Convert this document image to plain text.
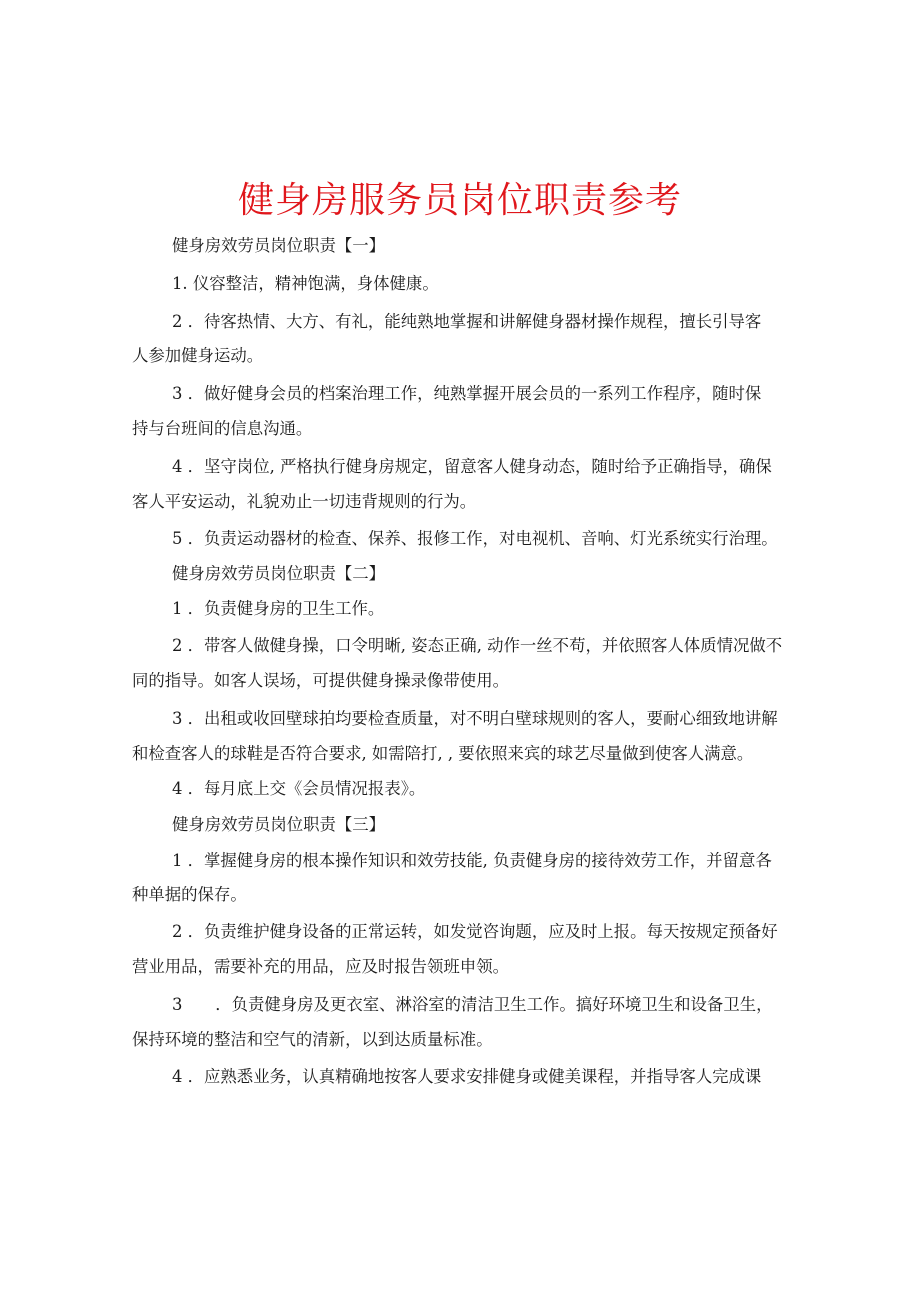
健身房服务员岗位职责参考
健身房效劳员岗位职责【一】
1. 仪容整洁，精神饱满，身体健康。
2 ．待客热情、大方、有礼，能纯熟地掌握和讲解健身器材操作规程，擅长引导客
人参加健身运动。
3 ．做好健身会员的档案治理工作，纯熟掌握开展会员的一系列工作程序，随时保
持与台班间的信息沟通。
4 ．坚守岗位, 严格执行健身房规定，留意客人健身动态，随时给予正确指导，确保
客人平安运动，礼貌劝止一切违背规则的行为。
5 ．负责运动器材的检查、保养、报修工作，对电视机、音响、灯光系统实行治理。
健身房效劳员岗位职责【二】
1 ．负责健身房的卫生工作。
2 ．带客人做健身操，口令明晰, 姿态正确, 动作一丝不苟，并依照客人体质情况做不
同的指导。如客人误场，可提供健身操录像带使用。
3 ．出租或收回壁球拍均要检查质量，对不明白壁球规则的客人，要耐心细致地讲解
和检查客人的球鞋是否符合要求, 如需陪打, , 要依照来宾的球艺尽量做到使客人满意。
4 ．每月底上交《会员情况报表》。
健身房效劳员岗位职责【三】
1 ．掌握健身房的根本操作知识和效劳技能, 负责健身房的接待效劳工作，并留意各
种单据的保存。
2 ．负责维护健身设备的正常运转，如发觉咨询题，应及时上报。每天按规定预备好
营业用品，需要补充的用品，应及时报告领班申领。
3　　．负责健身房及更衣室、淋浴室的清洁卫生工作。搞好环境卫生和设备卫生，
保持环境的整洁和空气的清新，以到达质量标准。
4 ．应熟悉业务，认真精确地按客人要求安排健身或健美课程，并指导客人完成课
